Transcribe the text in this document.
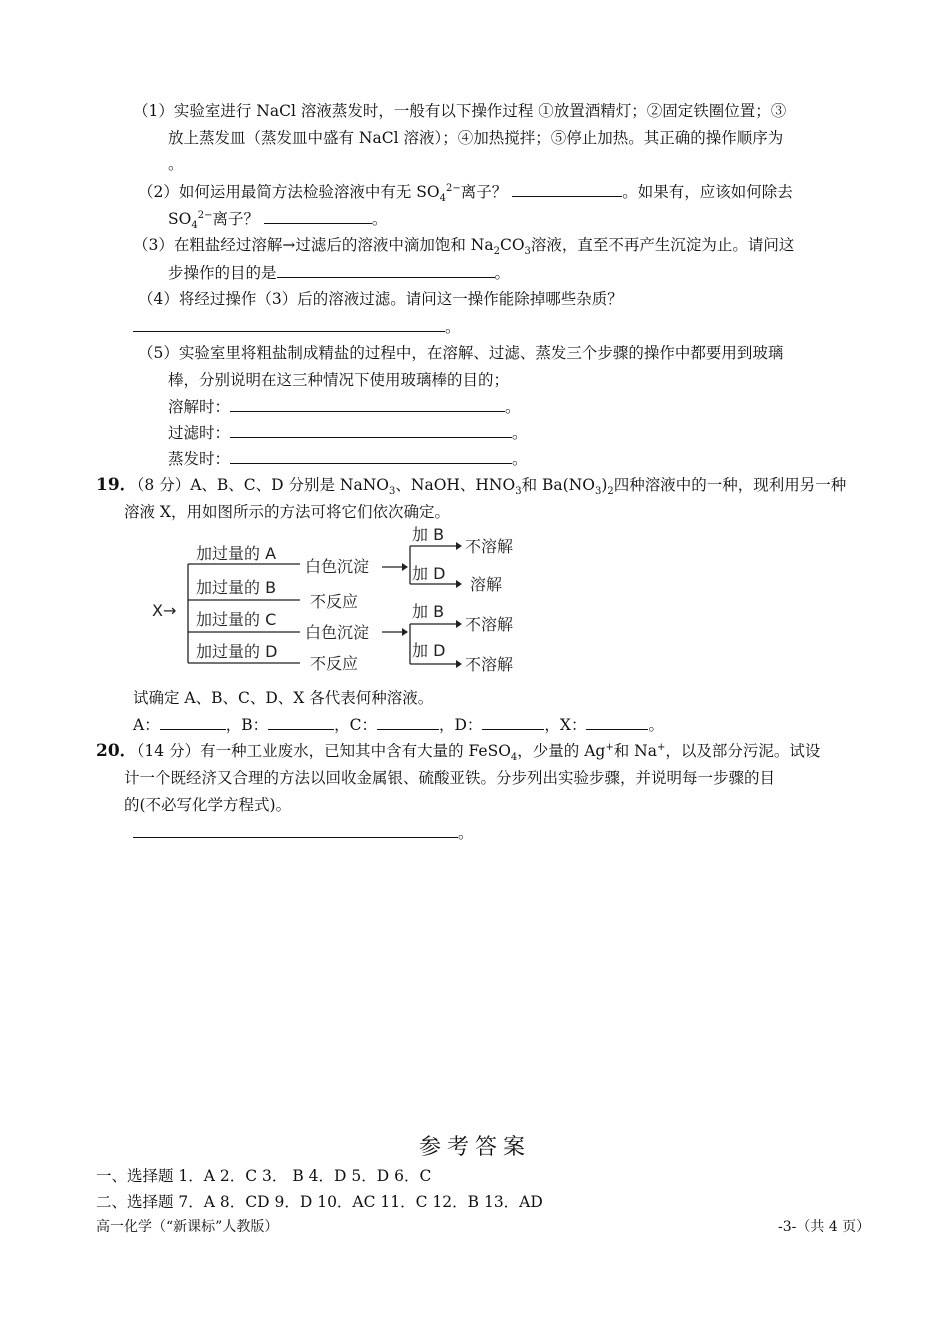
（1）实验室进行 NaCl 溶液蒸发时，一般有以下操作过程 ①放置酒精灯；②固定铁圈位置；③
放上蒸发皿（蒸发皿中盛有 NaCl 溶液）；④加热搅拌；⑤停止加热。其正确的操作顺序为
。
（2）如何运用最简方法检验溶液中有无 $SO_4^{2-}$离子？	。如果有，应该如何除去
$SO_4^{2-}$离子？	。
（3）在粗盐经过溶解→过滤后的溶液中滴加饱和 $Na_2CO_3$溶液，直至不再产生沉淀为止。请问这
步操作的目的是	。
（4）将经过操作（3）后的溶液过滤。请问这一操作能除掉哪些杂质？
。
（5）实验室里将粗盐制成精盐的过程中，在溶解、过滤、蒸发三个步骤的操作中都要用到玻璃
棒，分别说明在这三种情况下使用玻璃棒的目的；
溶解时：	。
过滤时：	。
蒸发时：	。
19．（8 分）A、B、C、D 分别是 NaNO$_3$、NaOH、$HNO_3$和 $Ba(NO_3)_2$四种溶液中的一种，现利用另一种
溶液 X，用如图所示的方法可将它们依次确定。
X→
加过量的 A
加过量的 B
加过量的 C
加过量的 D
白色沉淀
不反应
白色沉淀
不反应
加 B
加 D
加 B
加 D
不溶解
溶解
不溶解
不溶解
试确定 A、B、C、D、X 各代表何种溶液。
A：	，B：	，C：	，D：	，X：	。
20．（14 分）有一种工业废水，已知其中含有大量的 FeSO$_4$，少量的 Ag+和 Na+，以及部分污泥。试设
计一个既经济又合理的方法以回收金属银、硫酸亚铁。分步列出实验步骤，并说明每一步骤的目
的(不必写化学方程式)。
。
参考答案
一、选择题 1．A 2．C 3． B 4．D 5．D 6．C
二、选择题 7．A 8．CD 9．D 10．AC 11．C 12．B 13．AD
高一化学（“新课标”人教版）	-3-（共 4 页）
